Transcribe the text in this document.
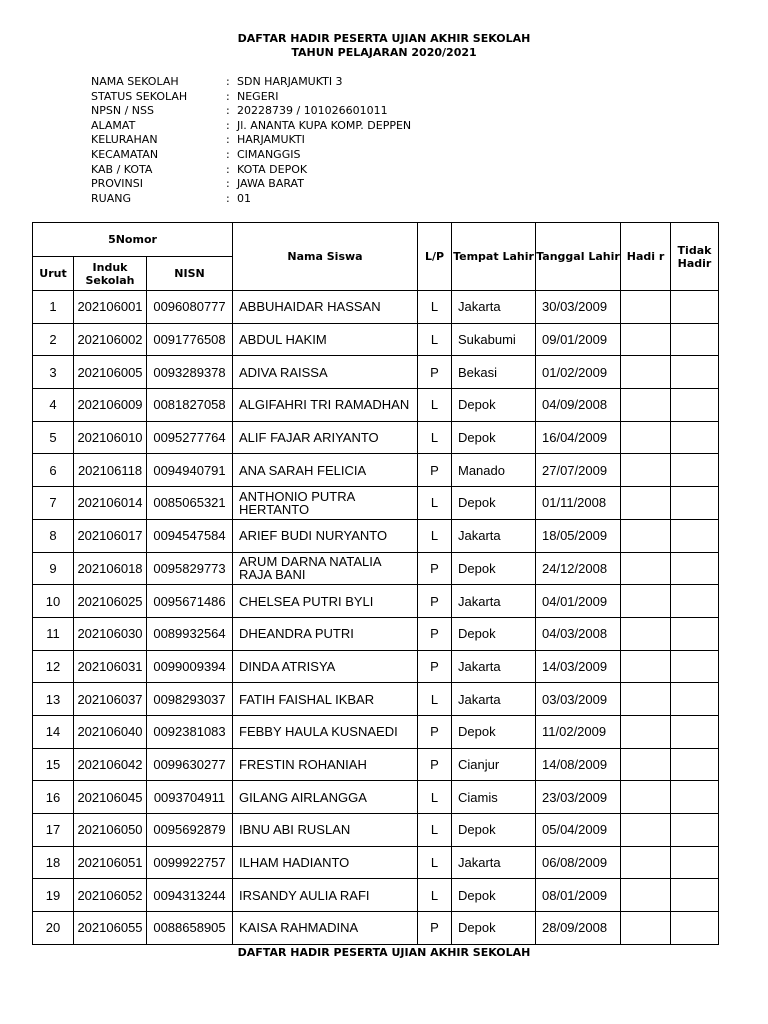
DAFTAR HADIR PESERTA UJIAN AKHIR SEKOLAH
TAHUN PELAJARAN 2020/2021
NAMA SEKOLAH	: SDN HARJAMUKTI 3
STATUS SEKOLAH	: NEGERI
NPSN / NSS	: 20228739 / 101026601011
ALAMAT	: Jl. ANANTA KUPA KOMP. DEPPEN
KELURAHAN	: HARJAMUKTI
KECAMATAN	: CIMANGGIS
KAB / KOTA	: KOTA DEPOK
PROVINSI	: JAWA BARAT
RUANG	: 01
5Nomor			Nama Siswa	L/P	Tempat Lahir	Tanggal Lahir	Hadi r	Tidak Hadir
Urut	Induk Sekolah	NISN						
1	202106001	0096080777	ABBUHAIDAR HASSAN	L	Jakarta	30/03/2009		
2	202106002	0091776508	ABDUL HAKIM	L	Sukabumi	09/01/2009		
3	202106005	0093289378	ADIVA RAISSA	P	Bekasi	01/02/2009		
4	202106009	0081827058	ALGIFAHRI TRI RAMADHAN	L	Depok	04/09/2008		
5	202106010	0095277764	ALIF FAJAR ARIYANTO	L	Depok	16/04/2009		
6	202106118	0094940791	ANA SARAH FELICIA	P	Manado	27/07/2009		
7	202106014	0085065321	ANTHONIO PUTRA HERTANTO	L	Depok	01/11/2008		
8	202106017	0094547584	ARIEF BUDI NURYANTO	L	Jakarta	18/05/2009		
9	202106018	0095829773	ARUM DARNA NATALIA RAJA BANI	P	Depok	24/12/2008		
10	202106025	0095671486	CHELSEA PUTRI BYLI	P	Jakarta	04/01/2009		
11	202106030	0089932564	DHEANDRA PUTRI	P	Depok	04/03/2008		
12	202106031	0099009394	DINDA ATRISYA	P	Jakarta	14/03/2009		
13	202106037	0098293037	FATIH FAISHAL IKBAR	L	Jakarta	03/03/2009		
14	202106040	0092381083	FEBBY HAULA KUSNAEDI	P	Depok	11/02/2009		
15	202106042	0099630277	FRESTIN ROHANIAH	P	Cianjur	14/08/2009		
16	202106045	0093704911	GILANG AIRLANGGA	L	Ciamis	23/03/2009		
17	202106050	0095692879	IBNU ABI RUSLAN	L	Depok	05/04/2009		
18	202106051	0099922757	ILHAM HADIANTO	L	Jakarta	06/08/2009		
19	202106052	0094313244	IRSANDY AULIA RAFI	L	Depok	08/01/2009		
20	202106055	0088658905	KAISA RAHMADINA	P	Depok	28/09/2008		
DAFTAR HADIR PESERTA UJIAN AKHIR SEKOLAH
